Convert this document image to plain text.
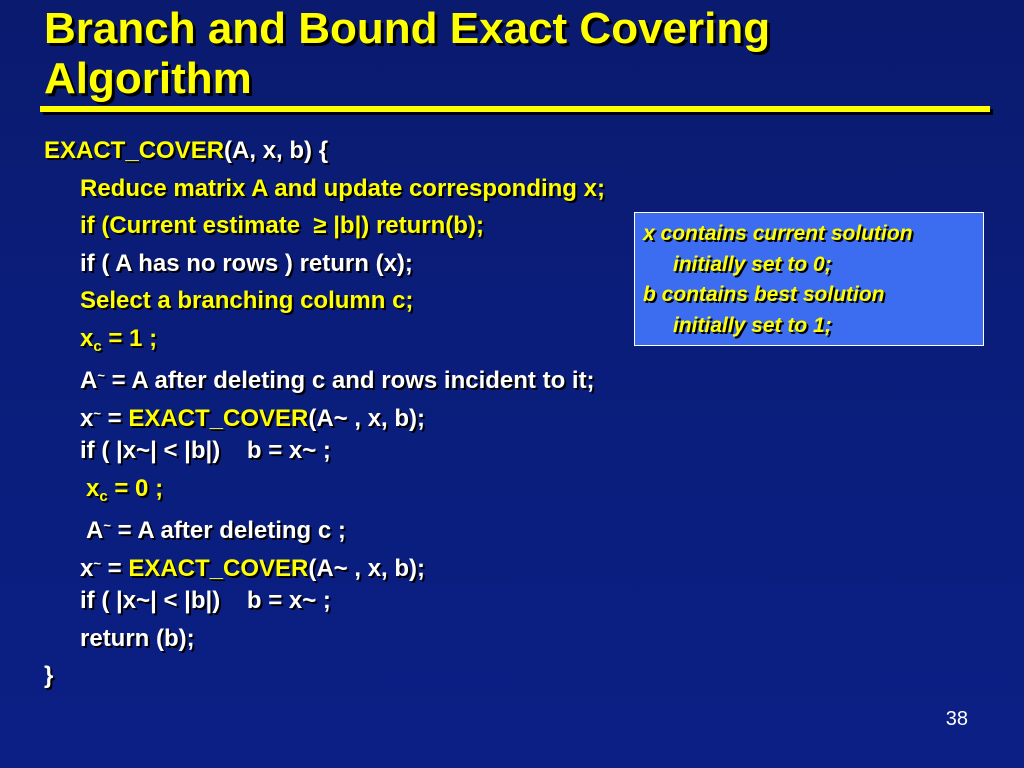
Branch and Bound Exact Covering Algorithm
EXACT_COVER(A, x, b) {
Reduce matrix A and update corresponding x;
if (Current estimate  ≥ |b|) return(b);
if ( A has no rows ) return (x);
Select a branching column c;
$x_c = 1$ ;
A~ = A after deleting c and rows incident to it;
x~ = EXACT_COVER(A~ , x, b);
if ( |x~| < |b|)    b = x~ ;
$x_c = 0$ ;
A~ = A after deleting c ;
x~ = EXACT_COVER(A~ , x, b);
if ( |x~| < |b|)    b = x~ ;
return (b);
}
x contains current solution
initially set to 0;
b contains best solution
initially set to 1;
38
